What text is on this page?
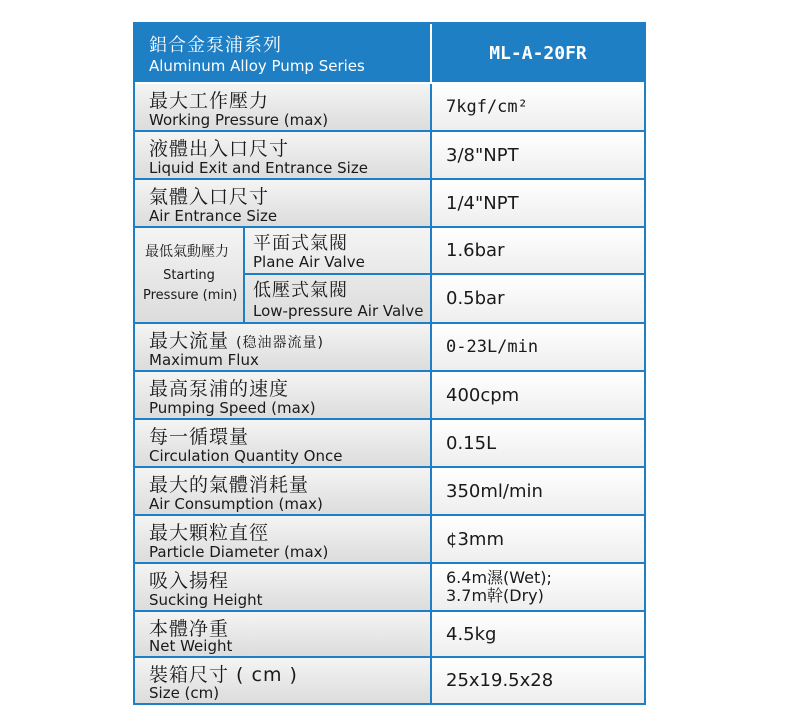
鋁合金泵浦系列
Aluminum Alloy Pump Series
ML-A-20FR
最大工作壓力
Working Pressure (max)
7kgf/cm²
液體出入口尺寸
Liquid Exit and Entrance Size
3/8"NPT
氣體入口尺寸
Air Entrance Size
1/4"NPT
最低氣動壓力
Starting
Pressure (min)
平面式氣閥
Plane Air Valve
低壓式氣閥
Low-pressure Air Valve
1.6bar
0.5bar
最大流量 (稳油器流量)
Maximum Flux
0-23L/min
最高泵浦的速度
Pumping Speed (max)
400cpm
每一循環量
Circulation Quantity Once
0.15L
最大的氣體消耗量
Air Consumption (max)
350ml/min
最大顆粒直徑
Particle Diameter (max)
¢3mm
吸入揚程
Sucking Height
6.4m濕(Wet);
3.7m幹(Dry)
本體净重
Net Weight
4.5kg
裝箱尺寸 ( cm )
Size (cm)
25x19.5x28
